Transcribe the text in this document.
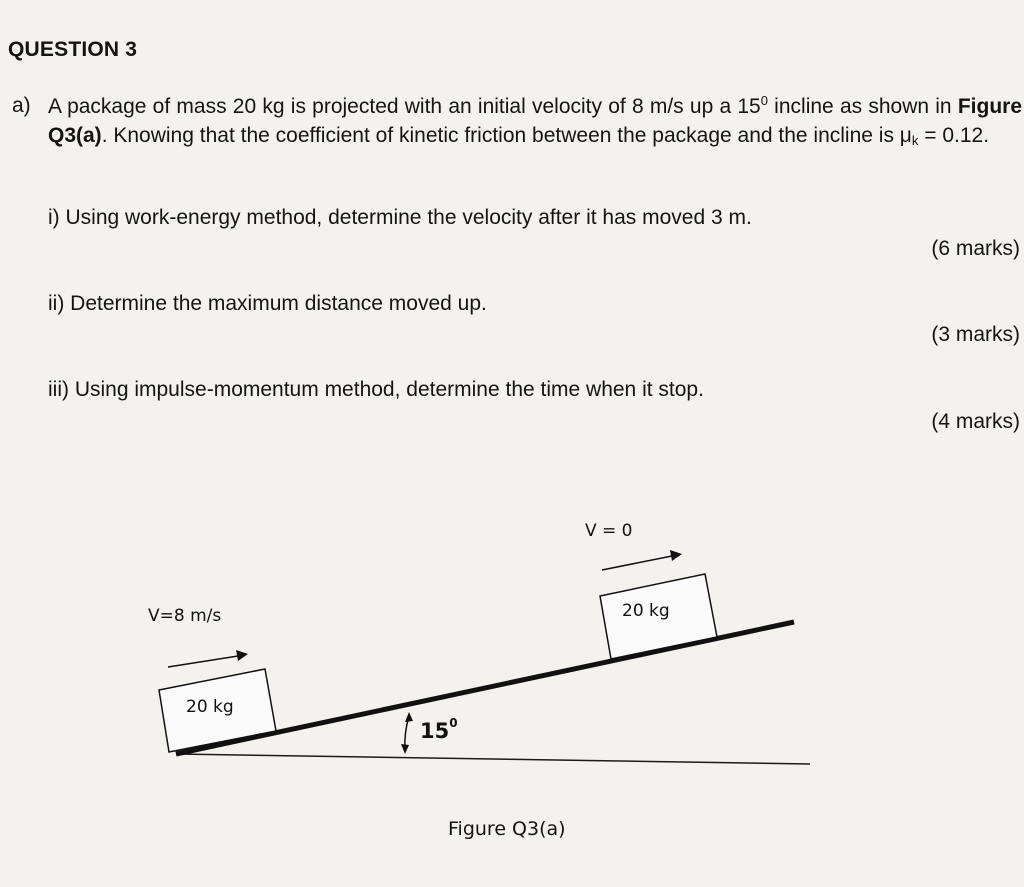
QUESTION 3
a) A package of mass 20 kg is projected with an initial velocity of 8 m/s up a $15^0$ incline as shown in Figure Q3(a). Knowing that the coefficient of kinetic friction between the package and the incline is $\mu_k = 0.12$.
i) Using work-energy method, determine the velocity after it has moved 3 m.
(6 marks)
ii) Determine the maximum distance moved up.
(3 marks)
iii) Using impulse-momentum method, determine the time when it stop.
(4 marks)
20 kg
20 kg
V=8 m/s
V = 0
$15^0$
Figure Q3(a)
